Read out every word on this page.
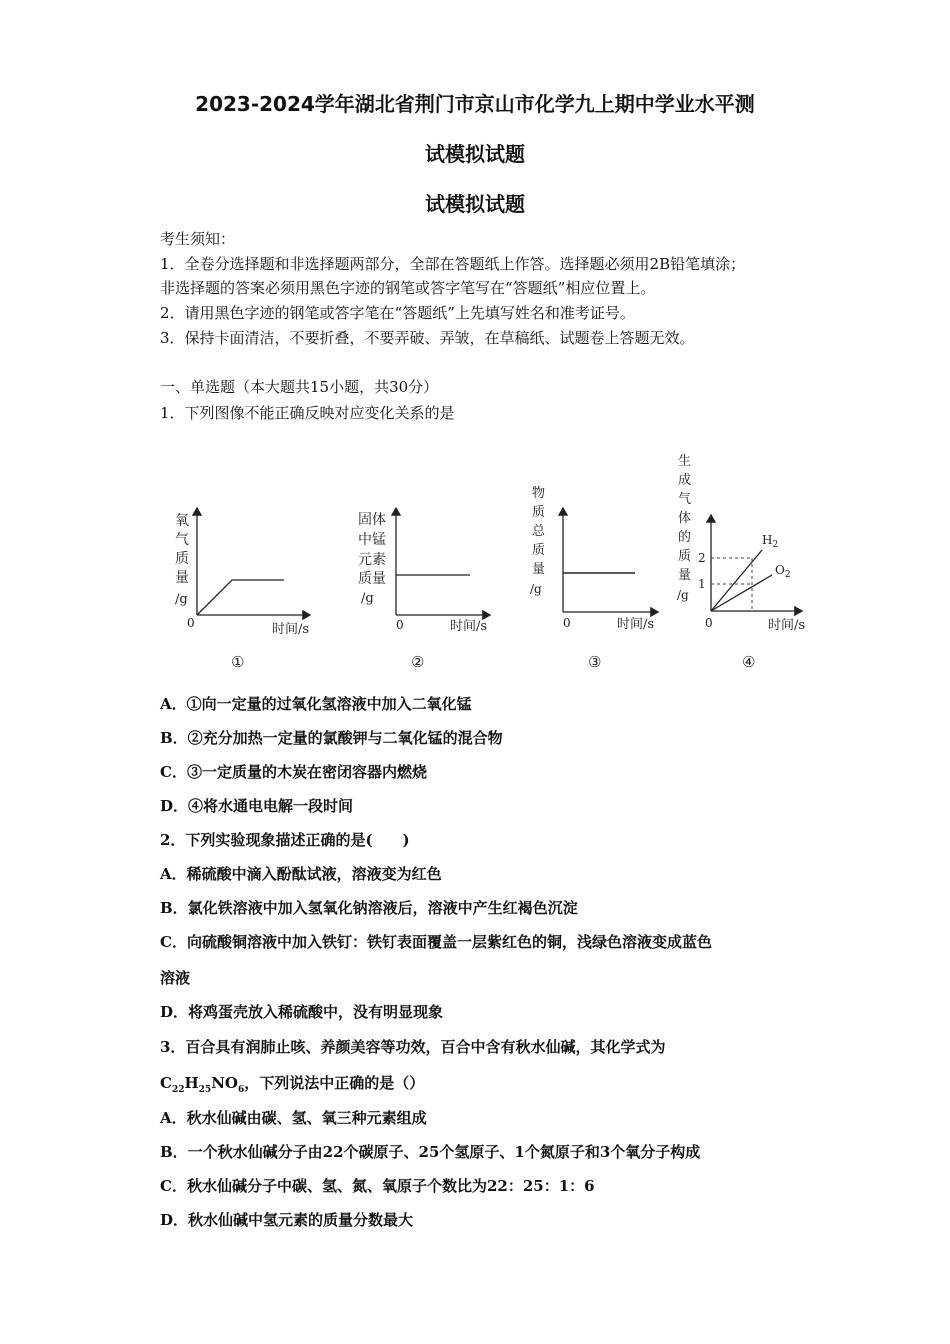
2023-2024学年湖北省荆门市京山市化学九上期中学业水平测
试模拟试题
试模拟试题
考生须知：
1．全卷分选择题和非选择题两部分，全部在答题纸上作答。选择题必须用2B铅笔填涂；
非选择题的答案必须用黑色字迹的钢笔或答字笔写在“答题纸”相应位置上。
2．请用黑色字迹的钢笔或答字笔在“答题纸”上先填写姓名和准考证号。
3．保持卡面清洁，不要折叠，不要弄破、弄皱，在草稿纸、试题卷上答题无效。
一、单选题（本大题共15小题，共30分）
1．下列图像不能正确反映对应变化关系的是
氧
气
质
量
/g
0	时间/s
①
固体
中锰
元素
质量
/g
0	时间/s
②
物
质
总
质
量
/g
0	时间/s
③
生
成
气
体
的
质
量
/g
2
1
$H_2$
$O_2$
0	时间/s
④
A．①向一定量的过氧化氢溶液中加入二氧化锰
B．②充分加热一定量的氯酸钾与二氧化锰的混合物
C．③一定质量的木炭在密闭容器内燃烧
D．④将水通电电解一段时间
2．下列实验现象描述正确的是(　　)
A．稀硫酸中滴入酚酞试液，溶液变为红色
B．氯化铁溶液中加入氢氧化钠溶液后，溶液中产生红褐色沉淀
C．向硫酸铜溶液中加入铁钉：铁钉表面覆盖一层紫红色的铜，浅绿色溶液变成蓝色
溶液
D．将鸡蛋壳放入稀硫酸中，没有明显现象
3．百合具有润肺止咳、养颜美容等功效，百合中含有秋水仙碱，其化学式为
$C_{22}H_{25}NO_6$，下列说法中正确的是（）
A．秋水仙碱由碳、氢、氧三种元素组成
B．一个秋水仙碱分子由22个碳原子、25个氢原子、1个氮原子和3个氧分子构成
C．秋水仙碱分子中碳、氢、氮、氧原子个数比为22：25：1：6
D．秋水仙碱中氢元素的质量分数最大
